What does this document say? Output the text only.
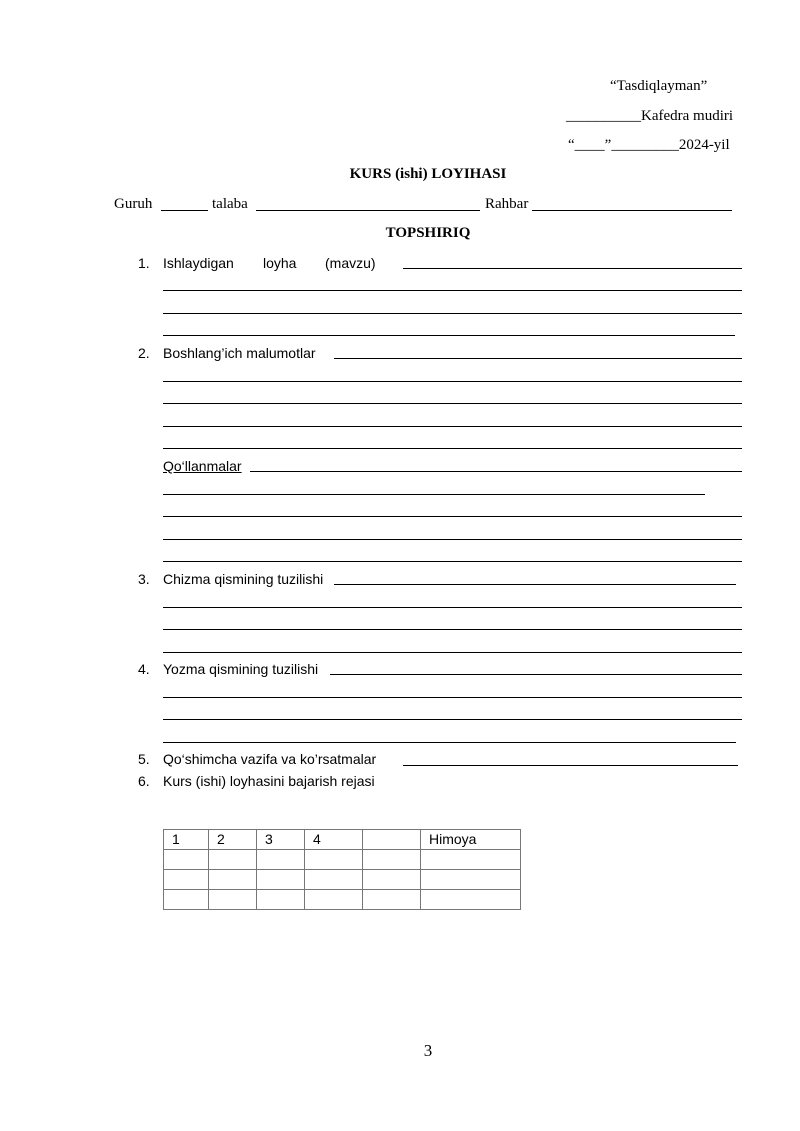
“Tasdiqlayman”
__________Kafedra mudiri
“____”_________2024-yil
KURS (ishi) LOYIHASI
Guruh	talaba	Rahbar
TOPSHIRIQ
1. Ishlaydigan loyha (mavzu)
2. Boshlang’ich malumotlar
Qo‘llanmalar
3. Chizma qismining tuzilishi
4. Yozma qismining tuzilishi
5. Qo‘shimcha vazifa va ko’rsatmalar
6. Kurs (ishi) loyhasini bajarish rejasi
1	2	3	4		Himoya

3
